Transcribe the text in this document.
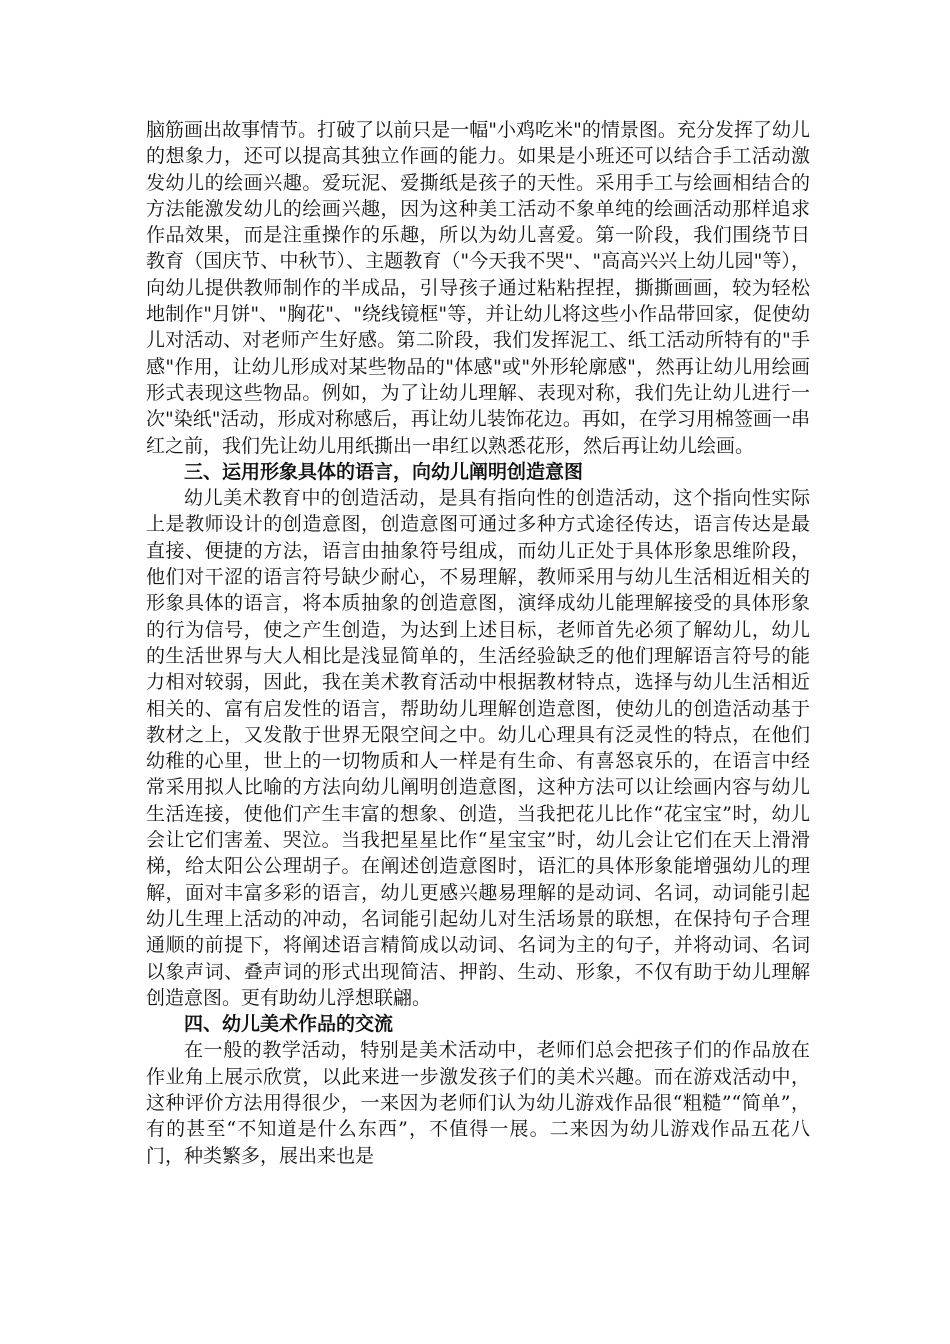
脑筋画出故事情节。打破了以前只是一幅"小鸡吃米"的情景图。充分发挥了幼儿的想象力，还可以提高其独立作画的能力。如果是小班还可以结合手工活动激发幼儿的绘画兴趣。爱玩泥、爱撕纸是孩子的天性。采用手工与绘画相结合的方法能激发幼儿的绘画兴趣，因为这种美工活动不象单纯的绘画活动那样追求作品效果，而是注重操作的乐趣，所以为幼儿喜爱。第一阶段，我们围绕节日教育（国庆节、中秋节）、主题教育（"今天我不哭"、"高高兴兴上幼儿园"等），向幼儿提供教师制作的半成品，引导孩子通过粘粘捏捏，撕撕画画，较为轻松地制作"月饼"、"胸花"、"绕线镜框"等，并让幼儿将这些小作品带回家，促使幼儿对活动、对老师产生好感。第二阶段，我们发挥泥工、纸工活动所特有的"手感"作用，让幼儿形成对某些物品的"体感"或"外形轮廓感"，然再让幼儿用绘画形式表现这些物品。例如，为了让幼儿理解、表现对称，我们先让幼儿进行一次"染纸"活动，形成对称感后，再让幼儿装饰花边。再如，在学习用棉签画一串红之前，我们先让幼儿用纸撕出一串红以熟悉花形，然后再让幼儿绘画。

三、运用形象具体的语言，向幼儿阐明创造意图

幼儿美术教育中的创造活动，是具有指向性的创造活动，这个指向性实际上是教师设计的创造意图，创造意图可通过多种方式途径传达，语言传达是最直接、便捷的方法，语言由抽象符号组成，而幼儿正处于具体形象思维阶段，他们对干涩的语言符号缺少耐心，不易理解，教师采用与幼儿生活相近相关的形象具体的语言，将本质抽象的创造意图，演绎成幼儿能理解接受的具体形象的行为信号，使之产生创造，为达到上述目标，老师首先必须了解幼儿，幼儿的生活世界与大人相比是浅显简单的，生活经验缺乏的他们理解语言符号的能力相对较弱，因此，我在美术教育活动中根据教材特点，选择与幼儿生活相近相关的、富有启发性的语言，帮助幼儿理解创造意图，使幼儿的创造活动基于教材之上，又发散于世界无限空间之中。幼儿心理具有泛灵性的特点，在他们幼稚的心里，世上的一切物质和人一样是有生命、有喜怒哀乐的，在语言中经常采用拟人比喻的方法向幼儿阐明创造意图，这种方法可以让绘画内容与幼儿生活连接，使他们产生丰富的想象、创造，当我把花儿比作“花宝宝”时，幼儿会让它们害羞、哭泣。当我把星星比作“星宝宝”时，幼儿会让它们在天上滑滑梯，给太阳公公理胡子。在阐述创造意图时，语汇的具体形象能增强幼儿的理解，面对丰富多彩的语言，幼儿更感兴趣易理解的是动词、名词，动词能引起幼儿生理上活动的冲动，名词能引起幼儿对生活场景的联想，在保持句子合理通顺的前提下，将阐述语言精简成以动词、名词为主的句子，并将动词、名词以象声词、叠声词的形式出现简洁、押韵、生动、形象，不仅有助于幼儿理解创造意图。更有助幼儿浮想联翩。

四、幼儿美术作品的交流

在一般的教学活动，特别是美术活动中，老师们总会把孩子们的作品放在作业角上展示欣赏，以此来进一步激发孩子们的美术兴趣。而在游戏活动中，这种评价方法用得很少，一来因为老师们认为幼儿游戏作品很“粗糙”“简单”，有的甚至“不知道是什么东西”，不值得一展。二来因为幼儿游戏作品五花八门，种类繁多，展出来也是
